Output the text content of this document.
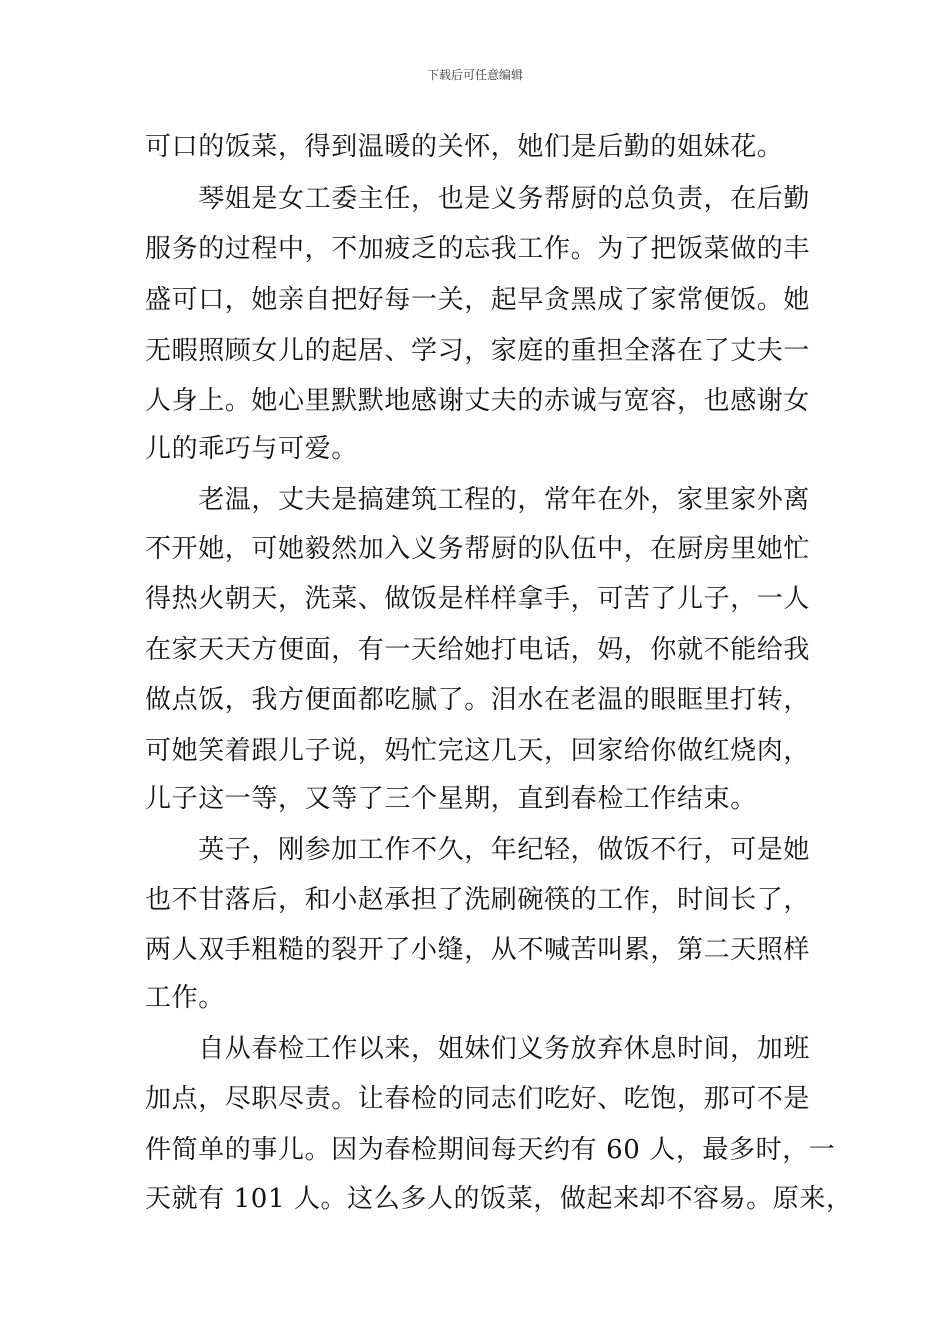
下载后可任意编辑
可口的饭菜，得到温暖的关怀，她们是后勤的姐妹花。
　　琴姐是女工委主任，也是义务帮厨的总负责，在后勤
服务的过程中，不加疲乏的忘我工作。为了把饭菜做的丰
盛可口，她亲自把好每一关，起早贪黑成了家常便饭。她
无暇照顾女儿的起居、学习，家庭的重担全落在了丈夫一
人身上。她心里默默地感谢丈夫的赤诚与宽容，也感谢女
儿的乖巧与可爱。
　　老温，丈夫是搞建筑工程的，常年在外，家里家外离
不开她，可她毅然加入义务帮厨的队伍中，在厨房里她忙
得热火朝天，洗菜、做饭是样样拿手，可苦了儿子，一人
在家天天方便面，有一天给她打电话，妈，你就不能给我
做点饭，我方便面都吃腻了。泪水在老温的眼眶里打转，
可她笑着跟儿子说，妈忙完这几天，回家给你做红烧肉，
儿子这一等，又等了三个星期，直到春检工作结束。
　　英子，刚参加工作不久，年纪轻，做饭不行，可是她
也不甘落后，和小赵承担了洗刷碗筷的工作，时间长了，
两人双手粗糙的裂开了小缝，从不喊苦叫累，第二天照样
工作。
　　自从春检工作以来，姐妹们义务放弃休息时间，加班
加点，尽职尽责。让春检的同志们吃好、吃饱，那可不是
件简单的事儿。因为春检期间每天约有 60 人，最多时，一
天就有 101 人。这么多人的饭菜，做起来却不容易。原来，
